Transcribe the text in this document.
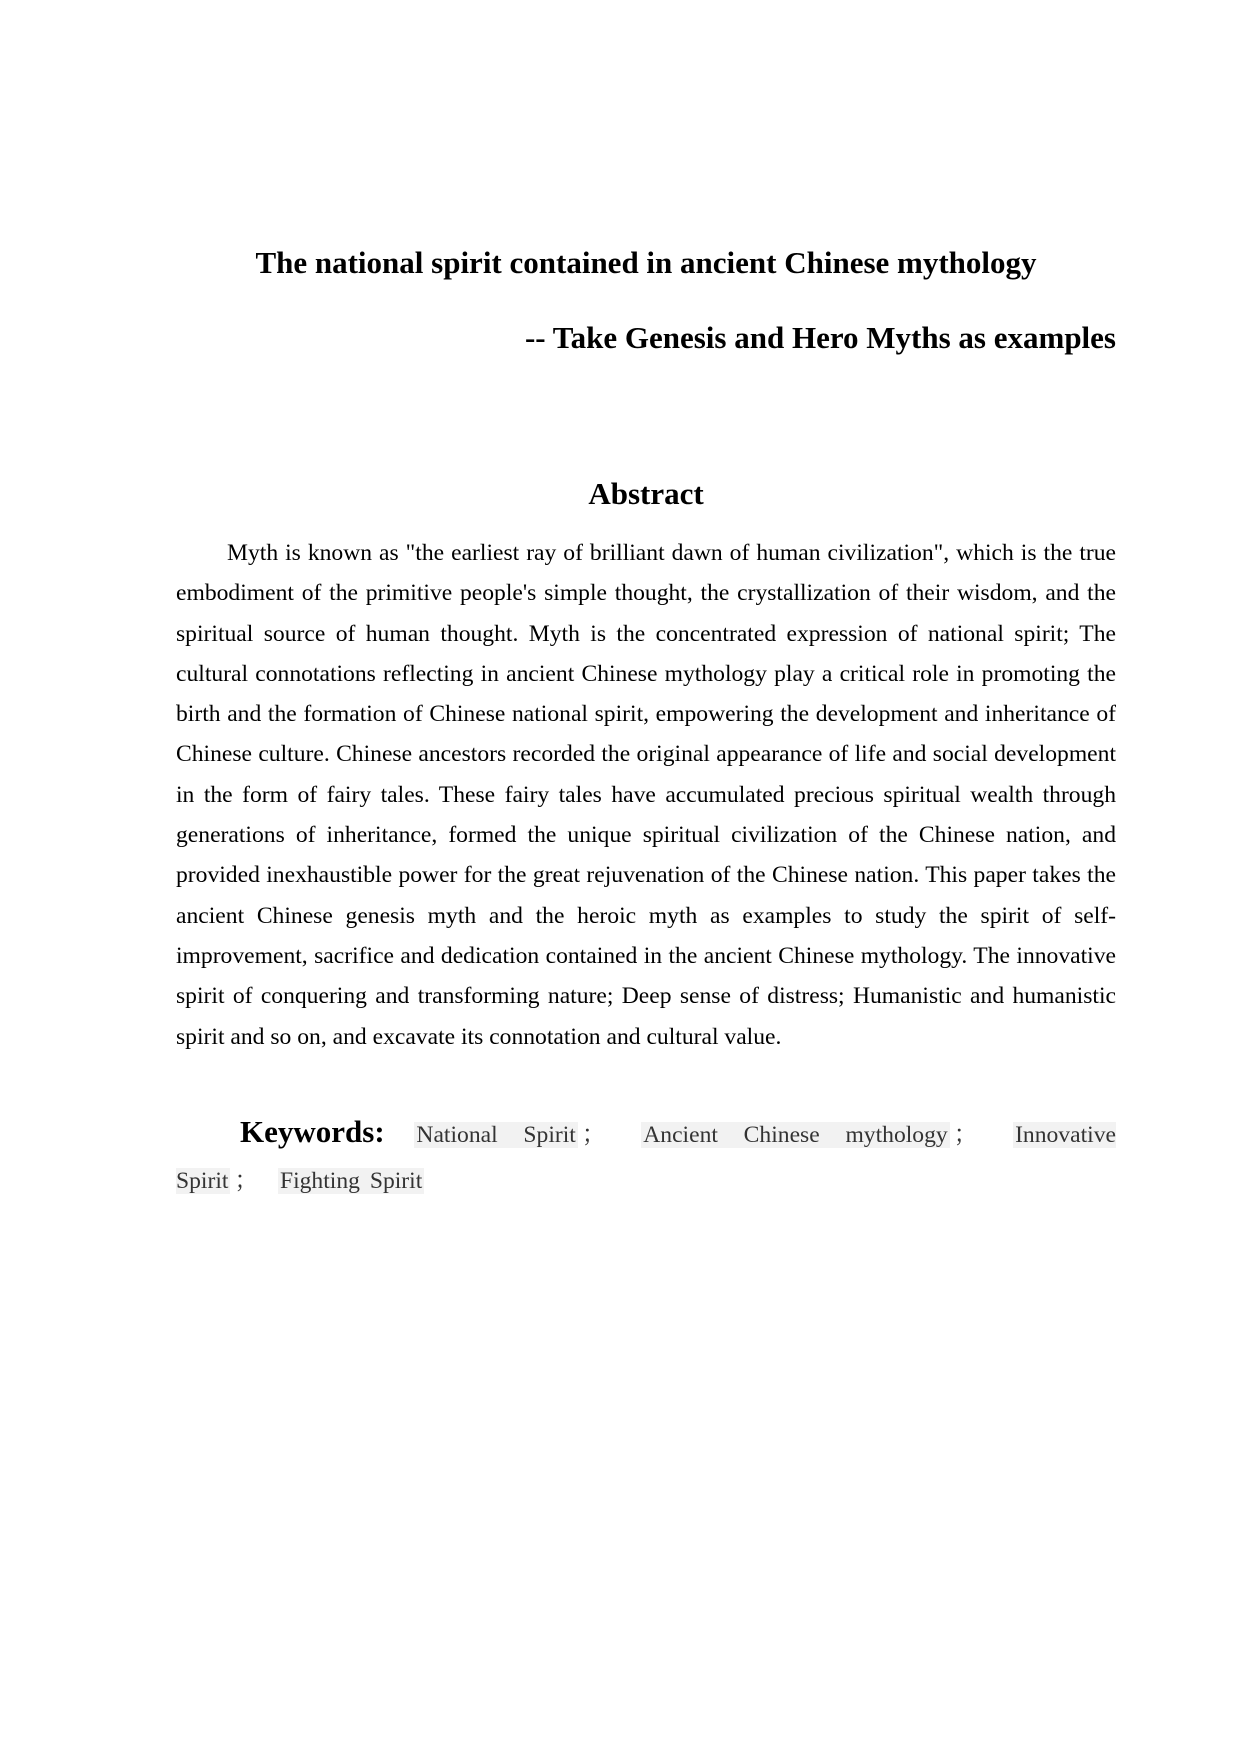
The national spirit contained in ancient Chinese mythology
-- Take Genesis and Hero Myths as examples
Abstract

Myth is known as "the earliest ray of brilliant dawn of human civilization", which is the true embodiment of the primitive people's simple thought, the crystallization of their wisdom, and the spiritual source of human thought. Myth is the concentrated expression of national spirit; The cultural connotations reflecting in ancient Chinese mythology play a critical role in promoting the birth and the formation of Chinese national spirit, empowering the development and inheritance of Chinese culture. Chinese ancestors recorded the original appearance of life and social development in the form of fairy tales. These fairy tales have accumulated precious spiritual wealth through generations of inheritance, formed the unique spiritual civilization of the Chinese nation, and provided inexhaustible power for the great rejuvenation of the Chinese nation. This paper takes the ancient Chinese genesis myth and the heroic myth as examples to study the spirit of self-improvement, sacrifice and dedication contained in the ancient Chinese mythology. The innovative spirit of conquering and transforming nature; Deep sense of distress; Humanistic and humanistic spirit and so on, and excavate its connotation and cultural value.

Keywords: National Spirit ； Ancient Chinese mythology ； Innovative Spirit ； Fighting Spirit
